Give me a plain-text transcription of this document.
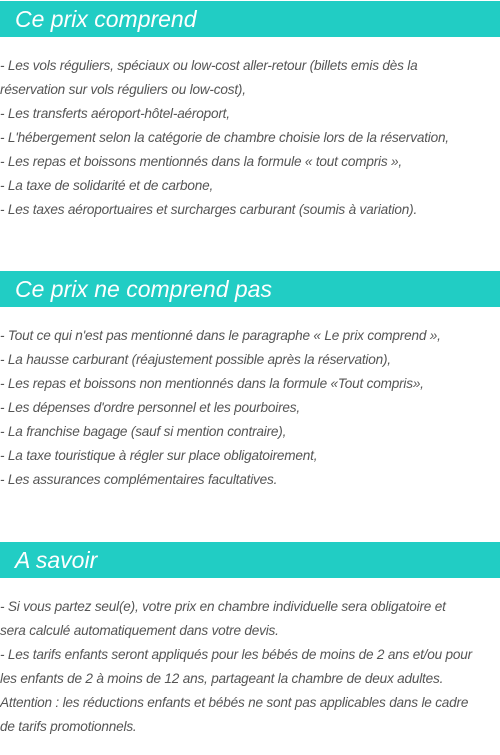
Ce prix comprend
- Les vols réguliers, spéciaux ou low-cost aller-retour (billets emis dès la
réservation sur vols réguliers ou low-cost),
- Les transferts aéroport-hôtel-aéroport,
- L'hébergement selon la catégorie de chambre choisie lors de la réservation,
- Les repas et boissons mentionnés dans la formule « tout compris »,
- La taxe de solidarité et de carbone,
- Les taxes aéroportuaires et surcharges carburant (soumis à variation).
Ce prix ne comprend pas
- Tout ce qui n'est pas mentionné dans le paragraphe « Le prix comprend »,
- La hausse carburant (réajustement possible après la réservation),
- Les repas et boissons non mentionnés dans la formule «Tout compris»,
- Les dépenses d'ordre personnel et les pourboires,
- La franchise bagage (sauf si mention contraire),
- La taxe touristique à régler sur place obligatoirement,
- Les assurances complémentaires facultatives.
A savoir
- Si vous partez seul(e), votre prix en chambre individuelle sera obligatoire et
sera calculé automatiquement dans votre devis.
- Les tarifs enfants seront appliqués pour les bébés de moins de 2 ans et/ou pour
les enfants de 2 à moins de 12 ans, partageant la chambre de deux adultes.
Attention : les réductions enfants et bébés ne sont pas applicables dans le cadre
de tarifs promotionnels.
